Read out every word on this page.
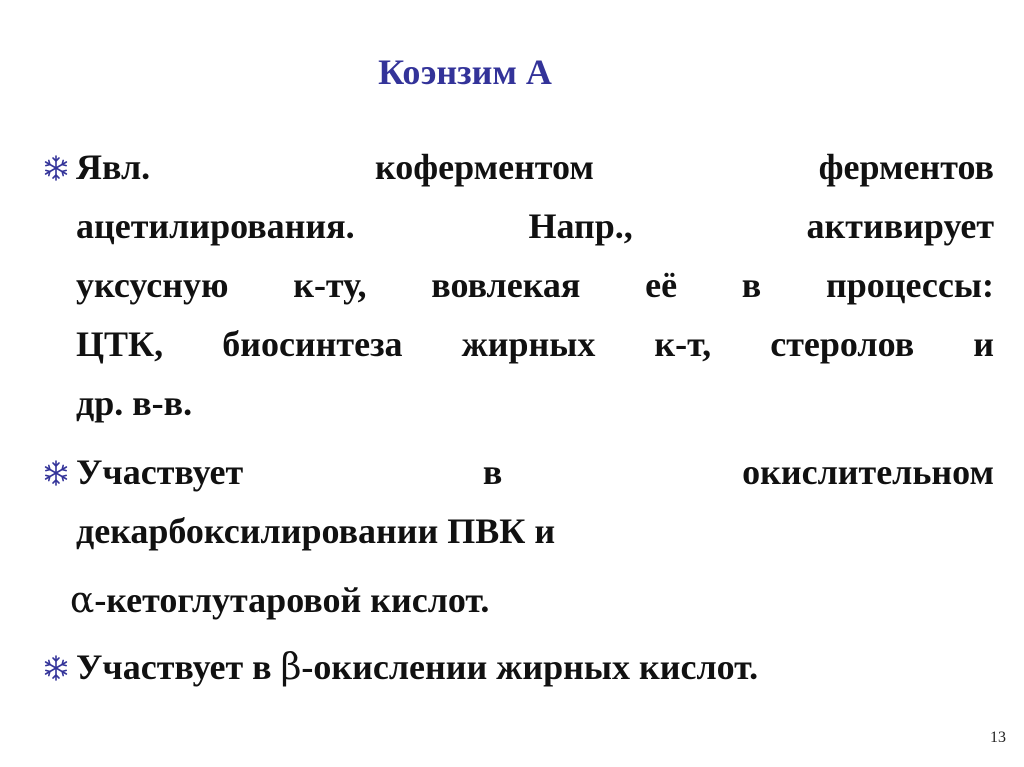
Коэнзим А
Явл.	коферментом	ферментов
ацетилирования.	Напр.,	активирует
уксусную к-ту, вовлекая её в процессы:
ЦТК, биосинтеза жирных к-т, стеролов и
др. в-в.
Участвует	в	окислительном
декарбоксилировании ПВК и
α-кетоглутаровой кислот.
Участвует в β-окислении жирных кислот.
13
